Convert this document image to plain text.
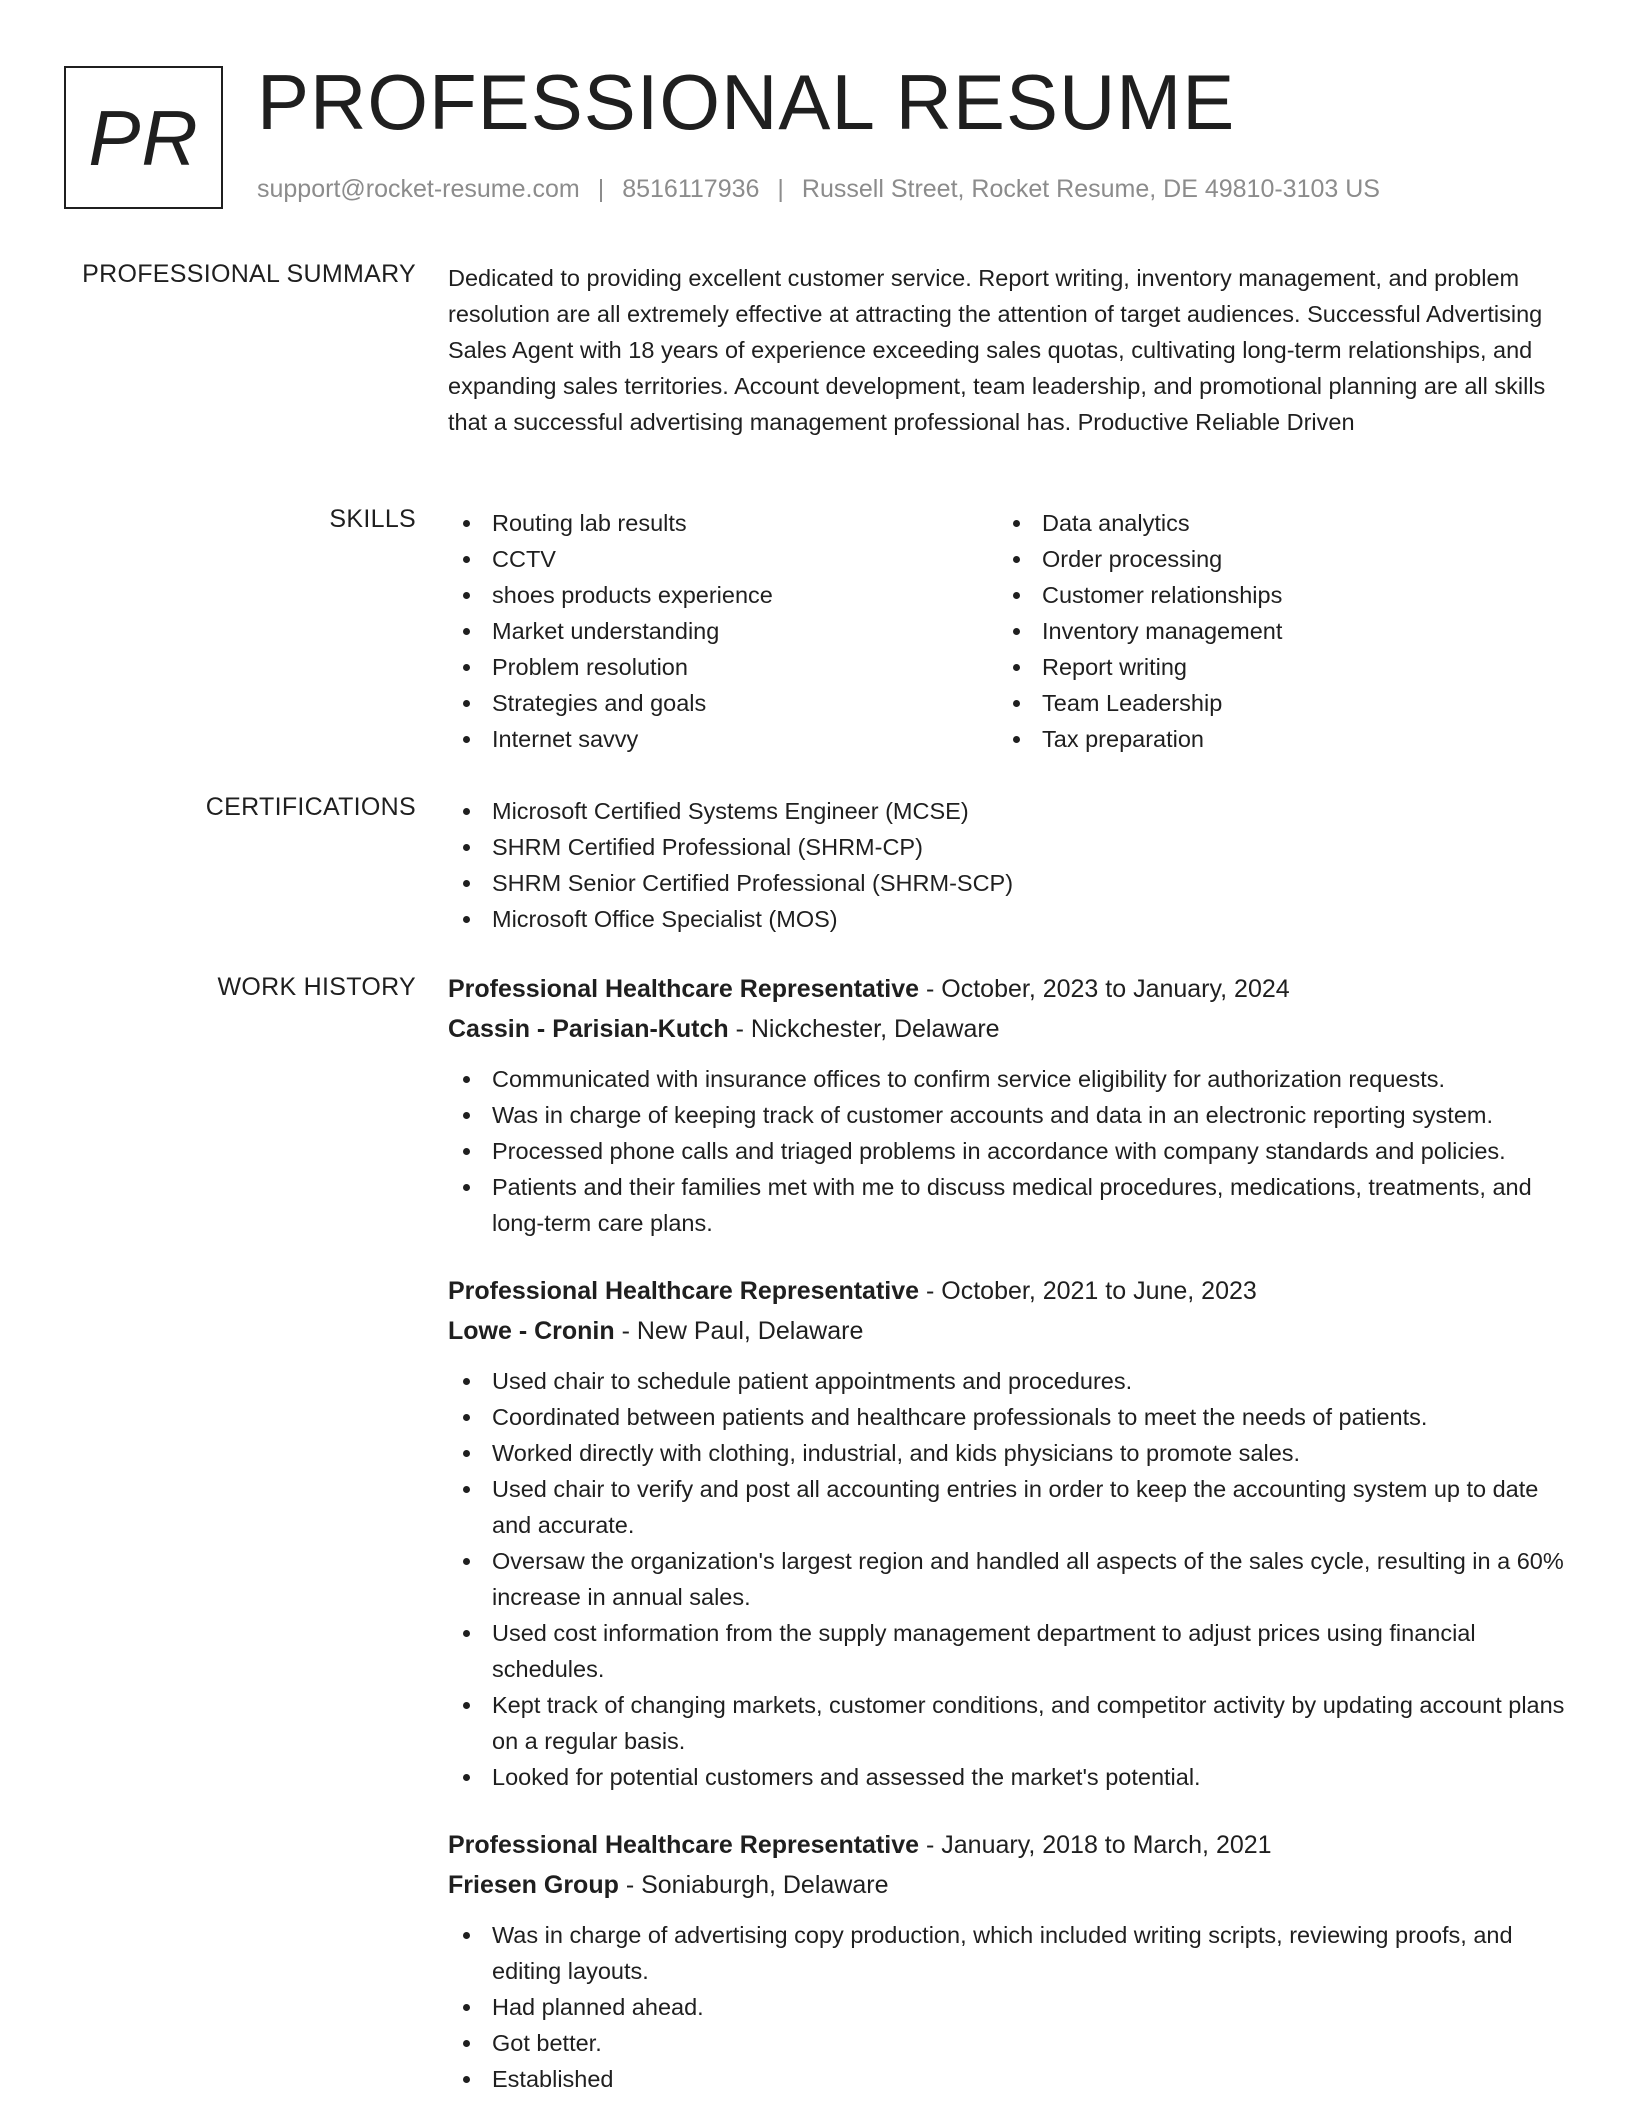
PR PROFESSIONAL RESUME
support@rocket-resume.com | 8516117936 | Russell Street, Rocket Resume, DE 49810-3103 US
PROFESSIONAL SUMMARY Dedicated to providing excellent customer service. Report writing, inventory management, and problem resolution are all extremely effective at attracting the attention of target audiences. Successful Advertising Sales Agent with 18 years of experience exceeding sales quotas, cultivating long-term relationships, and expanding sales territories. Account development, team leadership, and promotional planning are all skills that a successful advertising management professional has. Productive Reliable Driven
SKILLS	Routing lab results
CCTV
shoes products experience
Market understanding
Problem resolution
Strategies and goals
Internet savvy
Data analytics
Order processing
Customer relationships
Inventory management
Report writing
Team Leadership
Tax preparation
CERTIFICATIONS	Microsoft Certified Systems Engineer (MCSE)
SHRM Certified Professional (SHRM-CP)
SHRM Senior Certified Professional (SHRM-SCP)
Microsoft Office Specialist (MOS)
WORK HISTORY Professional Healthcare Representative - October, 2023 to January, 2024
Cassin - Parisian-Kutch - Nickchester, Delaware
Communicated with insurance offices to confirm service eligibility for authorization requests.
Was in charge of keeping track of customer accounts and data in an electronic reporting system.
Processed phone calls and triaged problems in accordance with company standards and policies.
Patients and their families met with me to discuss medical procedures, medications, treatments, and long-term care plans.
Professional Healthcare Representative - October, 2021 to June, 2023
Lowe - Cronin - New Paul, Delaware
Used chair to schedule patient appointments and procedures.
Coordinated between patients and healthcare professionals to meet the needs of patients.
Worked directly with clothing, industrial, and kids physicians to promote sales.
Used chair to verify and post all accounting entries in order to keep the accounting system up to date and accurate.
Oversaw the organization's largest region and handled all aspects of the sales cycle, resulting in a 60% increase in annual sales.
Used cost information from the supply management department to adjust prices using financial schedules.
Kept track of changing markets, customer conditions, and competitor activity by updating account plans on a regular basis.
Looked for potential customers and assessed the market's potential.
Professional Healthcare Representative - January, 2018 to March, 2021
Friesen Group - Soniaburgh, Delaware
Was in charge of advertising copy production, which included writing scripts, reviewing proofs, and editing layouts.
Had planned ahead.
Got better.
Established
